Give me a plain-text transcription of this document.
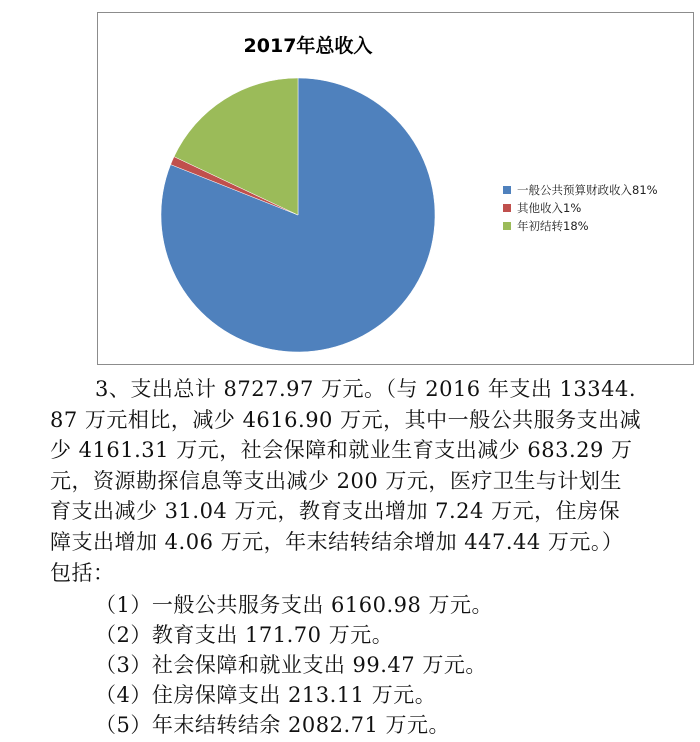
2017年总收入
一般公共预算财政收入81%
其他收入1%
年初结转18%
3、支出总计 8727.97 万元。（与 2016 年支出 13344.
87 万元相比，减少 4616.90 万元，其中一般公共服务支出减
少 4161.31 万元，社会保障和就业生育支出减少 683.29 万
元，资源勘探信息等支出减少 200 万元，医疗卫生与计划生
育支出减少 31.04 万元，教育支出增加 7.24 万元，住房保
障支出增加 4.06 万元，年末结转结余增加 447.44 万元。）
包括：
（1）一般公共服务支出 6160.98 万元。
（2）教育支出 171.70 万元。
（3）社会保障和就业支出 99.47 万元。
（4）住房保障支出 213.11 万元。
（5）年末结转结余 2082.71 万元。
